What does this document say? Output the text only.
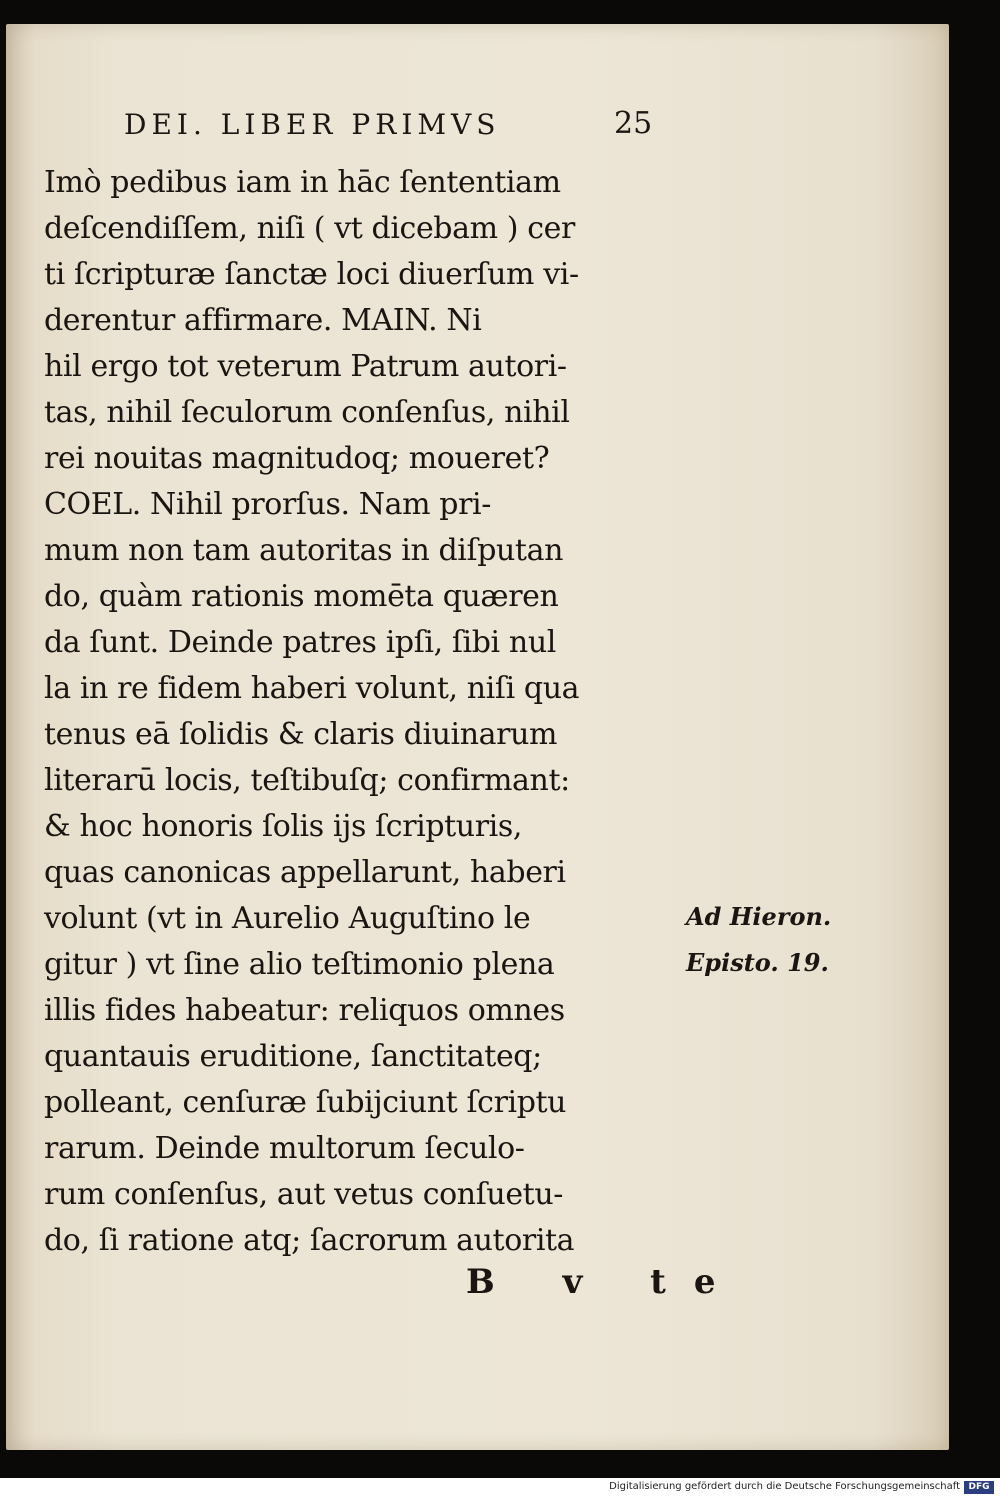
DEI. LIBER PRIMVS	25
Imò pedibus iam in hāc ſententiam
deſcendiſſem, niſi ( vt dicebam ) cer
ti ſcripturæ ſanctæ loci diuerſum vi-
derentur affirmare. MAIN. Ni
hil ergo tot veterum Patrum autori-
tas, nihil ſeculorum conſenſus, nihil
rei nouitas magnitudoq; moueret?
COEL. Nihil prorſus. Nam pri-
mum non tam autoritas in diſputan
do, quàm rationis momēta quæren
da ſunt. Deinde patres ipſi, ſibi nul
la in re fidem haberi volunt, niſi qua
tenus eā ſolidis & claris diuinarum
literarū locis, teſtibuſq; confirmant:
& hoc honoris ſolis ijs ſcripturis,
quas canonicas appellarunt, haberi
volunt (vt in Aurelio Auguſtino le
gitur ) vt ſine alio teſtimonio plena
illis fides habeatur: reliquos omnes
quantauis eruditione, ſanctitateq;
polleant, cenſuræ ſubijciunt ſcriptu
rarum. Deinde multorum ſeculo-
rum conſenſus, aut vetus conſuetu-
do, ſi ratione atq; ſacrorum autorita
Ad Hieron.
Episto. 19.
B v te
Digitalisierung gefördert durch die Deutsche Forschungsgemeinschaft DFG
